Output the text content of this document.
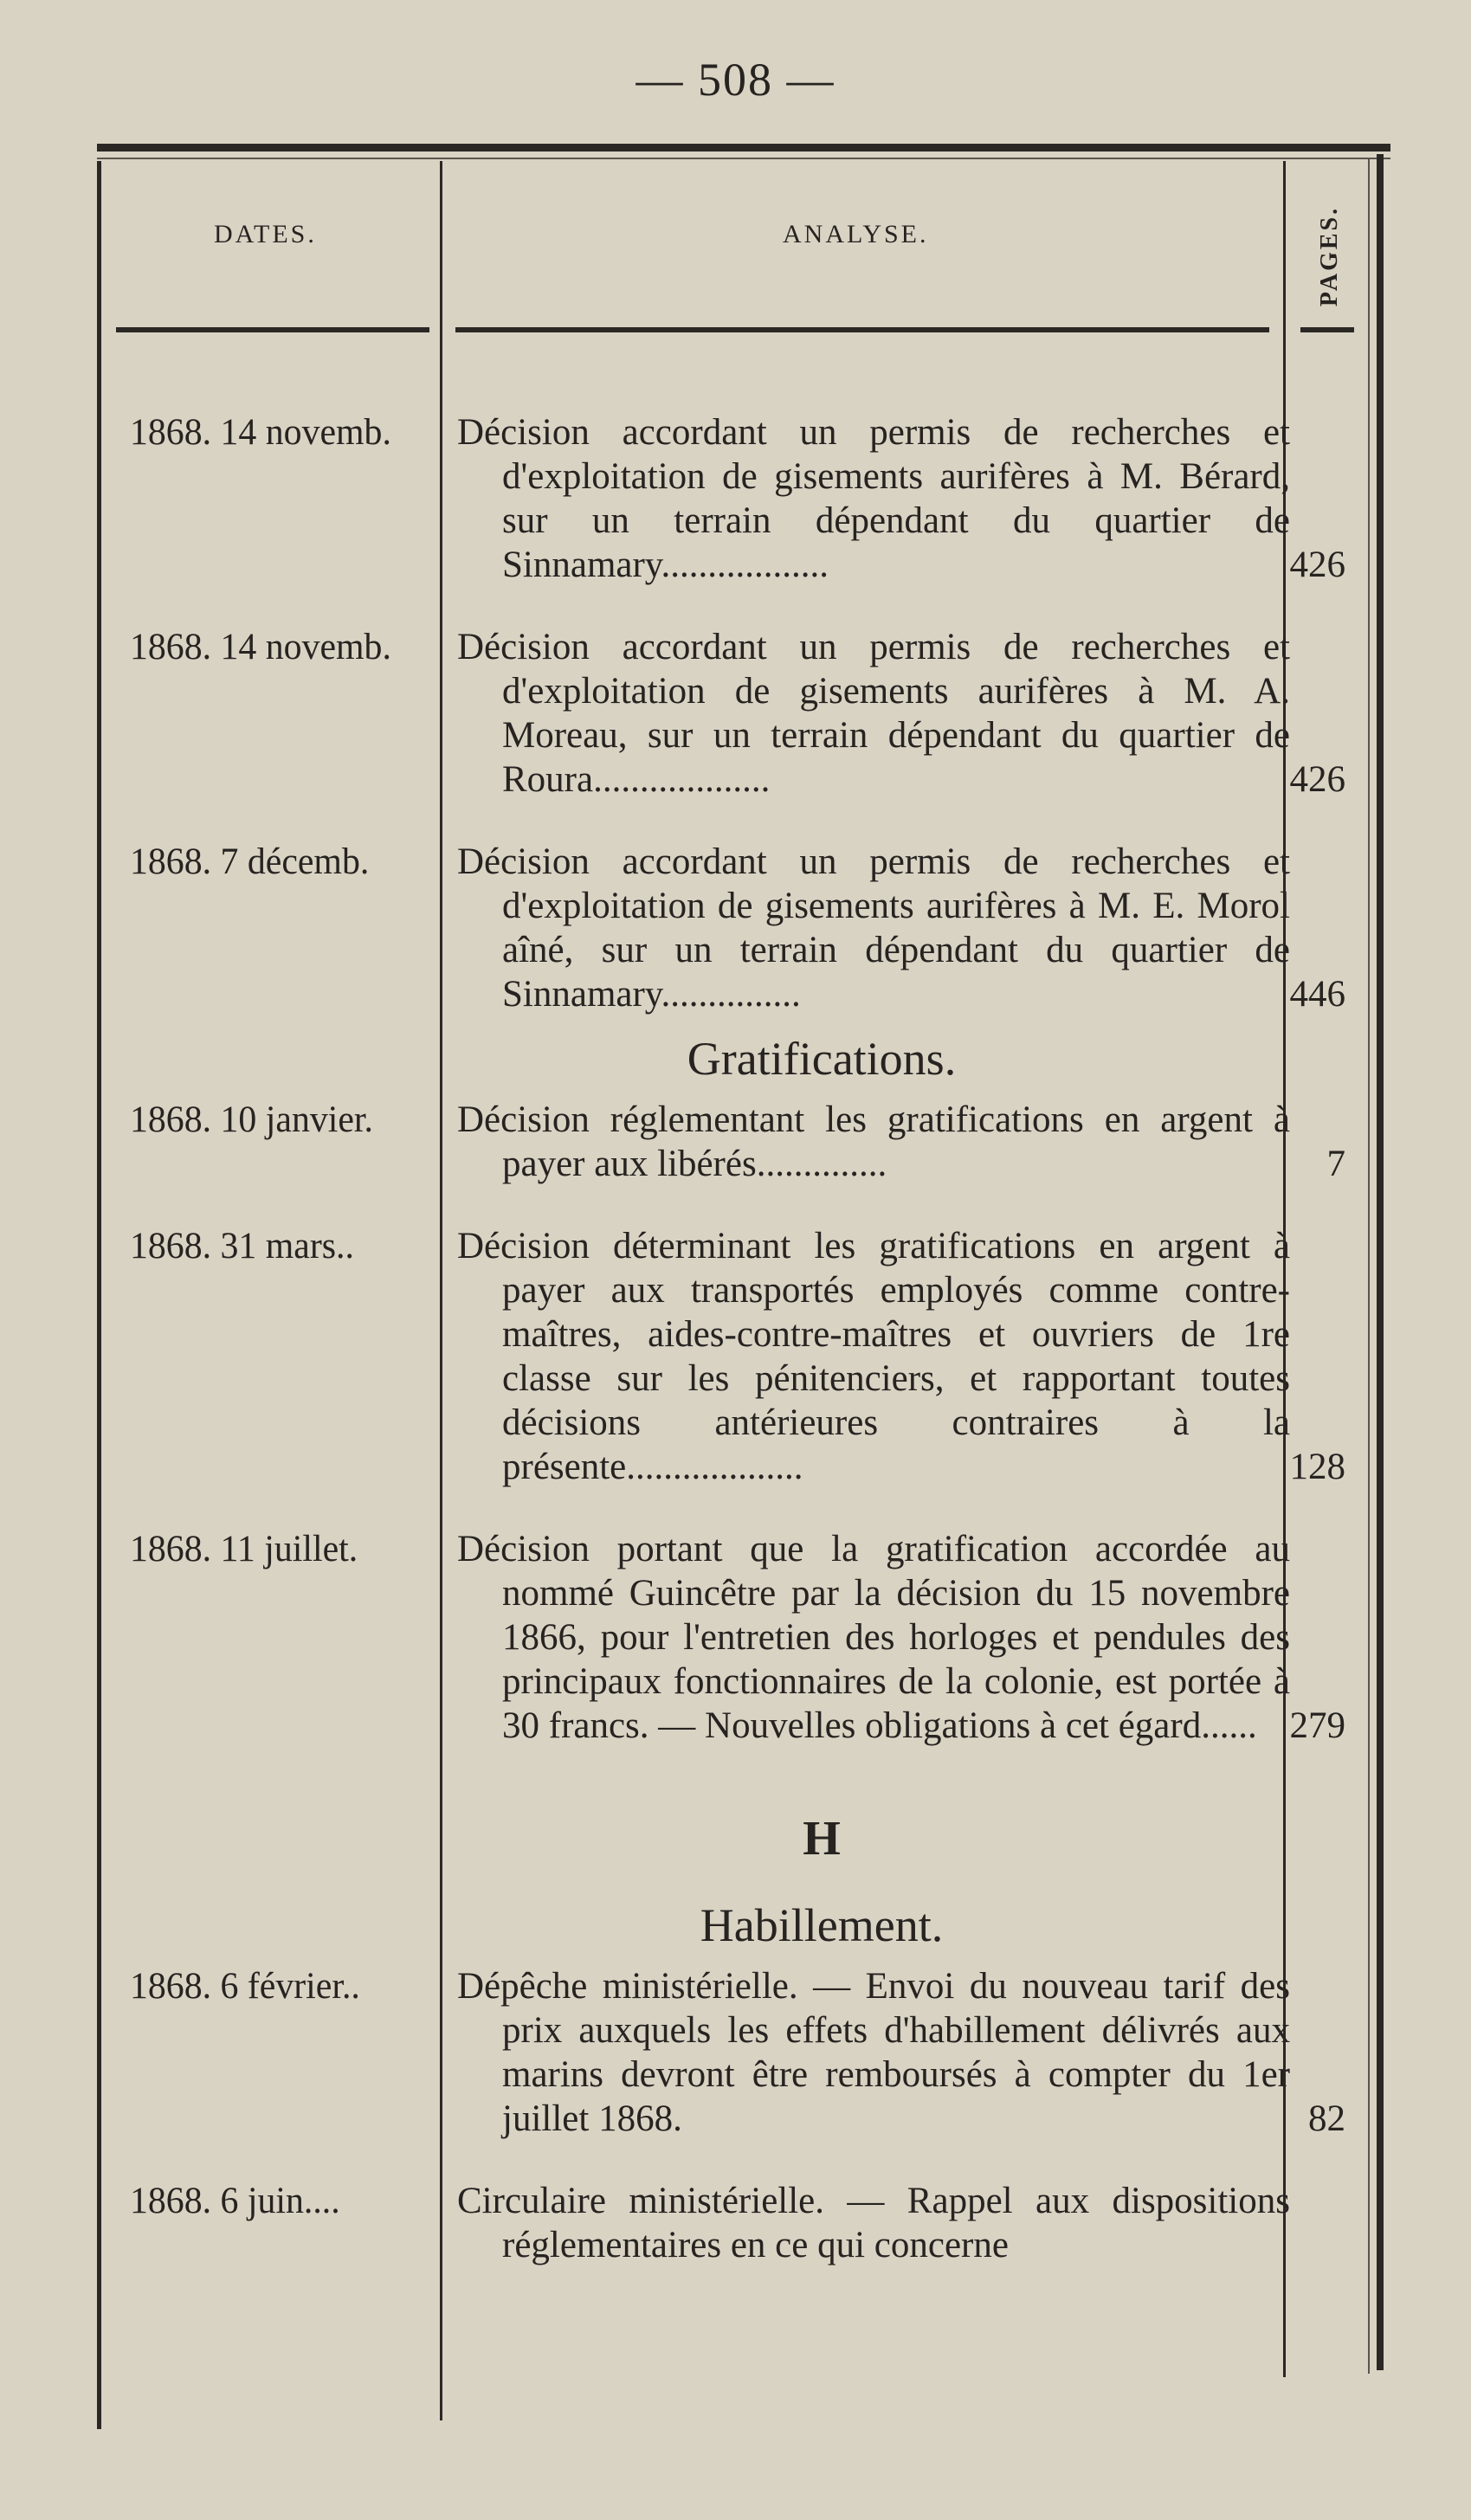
— 508 —
DATES.	ANALYSE.	PAGES.
1868. 14 novemb.	Décision accordant un permis de recherches et d'exploitation de gisements aurifères à M. Bérard, sur un terrain dépendant du quartier de Sinnamary..................	426
1868. 14 novemb.	Décision accordant un permis de recherches et d'exploitation de gisements aurifères à M. A. Moreau, sur un terrain dépendant du quartier de Roura...................	426
1868. 7 décemb.	Décision accordant un permis de recherches et d'exploitation de gisements aurifères à M. E. Morol aîné, sur un terrain dépendant du quartier de Sinnamary...............	446
Gratifications.
1868. 10 janvier.	Décision réglementant les gratifications en argent à payer aux libérés..............	7
1868. 31 mars..	Décision déterminant les gratifications en argent à payer aux transportés employés comme contre-maîtres, aides-contre-maîtres et ouvriers de 1re classe sur les pénitenciers, et rapportant toutes décisions antérieures contraires à la présente...................	128
1868. 11 juillet.	Décision portant que la gratification accordée au nommé Guincêtre par la décision du 15 novembre 1866, pour l'entretien des horloges et pendules des principaux fonctionnaires de la colonie, est portée à 30 francs. — Nouvelles obligations à cet égard...... 279
H
Habillement.
1868. 6 février..	Dépêche ministérielle. — Envoi du nouveau tarif des prix auxquels les effets d'habillement délivrés aux marins devront être remboursés à compter du 1er juillet 1868.	82
1868. 6 juin....	Circulaire ministérielle. — Rappel aux dispositions réglementaires en ce qui concerne
